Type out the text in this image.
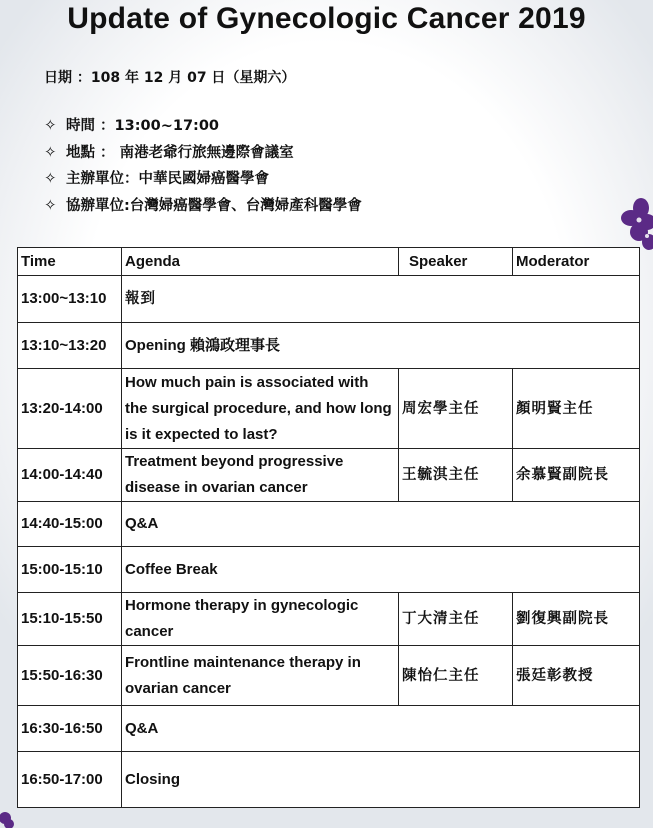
Update of Gynecologic Cancer 2019
日期 ：108 年 12 月 07 日（星期六）
✧ 時間 ：13:00~17:00
✧ 地點 ： 南港老爺行旅無邊際會議室
✧ 主辦單位：中華民國婦癌醫學會
✧ 協辦單位:台灣婦癌醫學會、台灣婦產科醫學會
Time	Agenda	Speaker	Moderator
13:00~13:10	報到		
13:10~13:20	Opening 賴鴻政理事長		
13:20-14:00	How much pain is associated with the surgical procedure, and how long is it expected to last?	周宏學主任	顏明賢主任
14:00-14:40	Treatment beyond progressive disease in ovarian cancer	王毓淇主任	余慕賢副院長
14:40-15:00	Q&A		
15:00-15:10	Coffee Break		
15:10-15:50	Hormone therapy in gynecologic cancer	丁大清主任	劉復興副院長
15:50-16:30	Frontline maintenance therapy in ovarian cancer	陳怡仁主任	張廷彰教授
16:30-16:50	Q&A		
16:50-17:00	Closing		
